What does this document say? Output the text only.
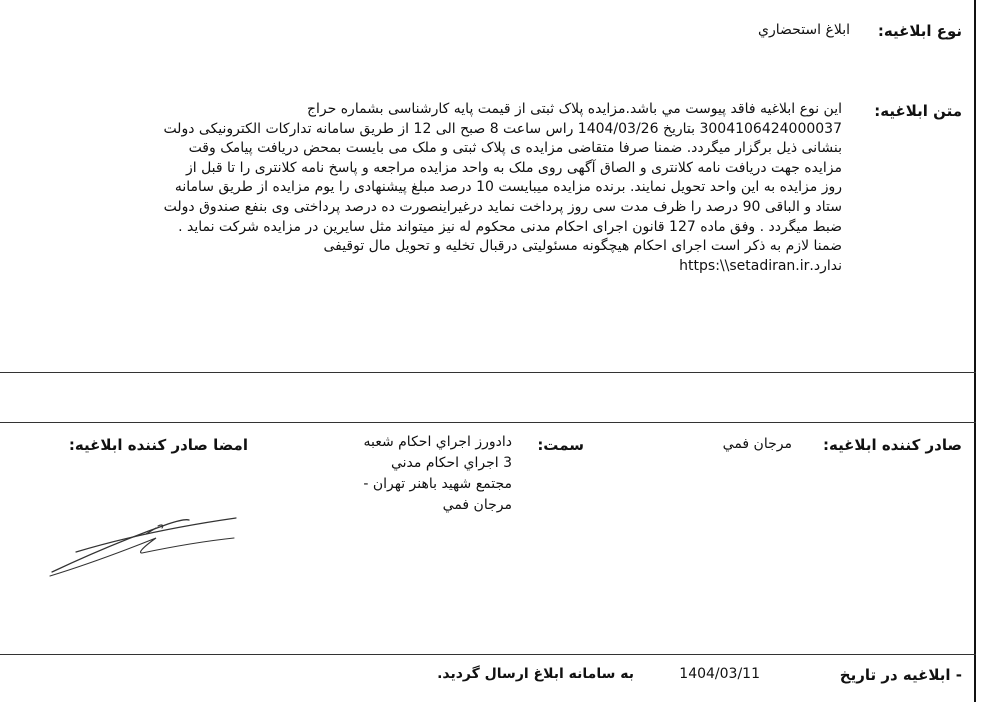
نوع ابلاغیه:
ابلاغ استحضاري
متن ابلاغیه:
اين نوع ابلاغيه فاقد پيوست مي باشد.مزايده پلاک ثبتی از قيمت پايه کارشناسی بشماره حراج
3004106424000037 بتاريخ 1404/03/26 راس ساعت 8 صبح الی 12 از طريق سامانه تدارکات الکترونيکی دولت
بنشانی ذيل برگزار ميگردد. ضمنا صرفا متقاضی مزايده ی پلاک ثبتی و ملک می بايست بمحض دريافت پيامک وقت
مزايده جهت دريافت نامه کلانتری و الصاق آگهی روی ملک به واحد مزايده مراجعه و پاسخ نامه کلانتری را تا قبل از
روز مزايده به اين واحد تحويل نمايند. برنده مزايده ميبايست 10 درصد مبلغ پيشنهادی را يوم مزايده از طريق سامانه
ستاد و الباقی 90 درصد را ظرف مدت سی روز پرداخت نمايد درغيراينصورت ده درصد پرداختی وی بنفع صندوق دولت
ضبط ميگردد . وفق ماده 127 قانون اجرای احکام مدنی محکوم له نيز ميتواند مثل سايرين در مزايده شرکت نمايد .
ضمنا لازم به ذکر است اجرای احکام هيچگونه مسئوليتی درقبال تخليه و تحويل مال توقيفی
ندارد.https:\\setadiran.ir
صادر کننده ابلاغيه:
مرجان فمي
سمت:
دادورز اجراي احکام شعبه
3 اجراي احکام مدني
مجتمع شهيد باهنر تهران -
مرجان فمي
امضا صادر کننده ابلاغيه:
- ابلاغیه در تاریخ
1404/03/11
به سامانه ابلاغ ارسال گردید.
